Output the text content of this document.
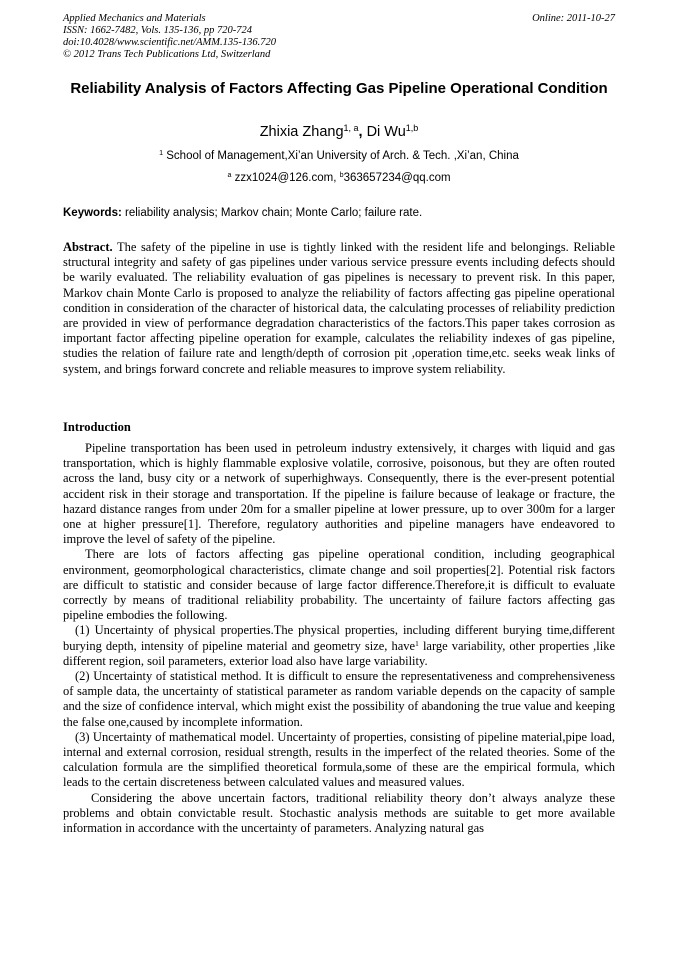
Applied Mechanics and Materials
ISSN: 1662-7482, Vols. 135-136, pp 720-724
doi:10.4028/www.scientific.net/AMM.135-136.720
© 2012 Trans Tech Publications Ltd, Switzerland
Online: 2011-10-27
Reliability Analysis of Factors Affecting Gas Pipeline Operational Condition
Zhixia Zhang$^{1, a}$, Di Wu$^{1,b}$
$^1$ School of Management,Xi’an University of Arch. & Tech. ,Xi’an, China
$^a$ zzx1024@126.com, $^b$363657234@qq.com
Keywords: reliability analysis; Markov chain; Monte Carlo; failure rate.
Abstract. The safety of the pipeline in use is tightly linked with the resident life and belongings. Reliable structural integrity and safety of gas pipelines under various service pressure events including defects should be warily evaluated. The reliability evaluation of gas pipelines is necessary to prevent risk. In this paper, Markov chain Monte Carlo is proposed to analyze the reliability of factors affecting gas pipeline operational condition in consideration of the character of historical data, the calculating processes of reliability prediction are provided in view of performance degradation characteristics of the factors.This paper takes corrosion as important factor affecting pipeline operation for example, calculates the reliability indexes of gas pipeline, studies the relation of failure rate and length/depth of corrosion pit ,operation time,etc. seeks weak links of system, and brings forward concrete and reliable measures to improve system reliability.
Introduction

Pipeline transportation has been used in petroleum industry extensively, it charges with liquid and gas transportation, which is highly flammable explosive volatile, corrosive, poisonous, but they are often routed across the land, busy city or a network of superhighways. Consequently, there is the ever-present potential accident risk in their storage and transportation. If the pipeline is failure because of leakage or fracture, the hazard distance ranges from under 20m for a smaller pipeline at lower pressure, up to over 300m for a larger one at higher pressure[1]. Therefore, regulatory authorities and pipeline managers have endeavored to improve the level of safety of the pipeline.

There are lots of factors affecting gas pipeline operational condition, including geographical environment, geomorphological characteristics, climate change and soil properties[2]. Potential risk factors are difficult to statistic and consider because of large factor difference.Therefore,it is difficult to evaluate correctly by means of traditional reliability probability. The uncertainty of failure factors affecting gas pipeline embodies the following.

(1) Uncertainty of physical properties.The physical properties, including different burying time,different burying depth, intensity of pipeline material and geometry size, have$^1$ large variability, other properties ,like different region, soil parameters, exterior load also have large variability.

(2) Uncertainty of statistical method. It is difficult to ensure the representativeness and comprehensiveness of sample data, the uncertainty of statistical parameter as random variable depends on the capacity of sample and the size of confidence interval, which might exist the possibility of abandoning the true value and keeping the false one,caused by incomplete information.

(3) Uncertainty of mathematical model. Uncertainty of properties, consisting of pipeline material,pipe load, internal and external corrosion, residual strength, results in the imperfect of the related theories. Some of the calculation formula are the simplified theoretical formula,some of these are the empirical formula, which leads to the certain discreteness between calculated values and measured values.

Considering the above uncertain factors, traditional reliability theory don’t always analyze these problems and obtain convictable result. Stochastic analysis methods are suitable to get more available information in accordance with the uncertainty of parameters. Analyzing natural gas
